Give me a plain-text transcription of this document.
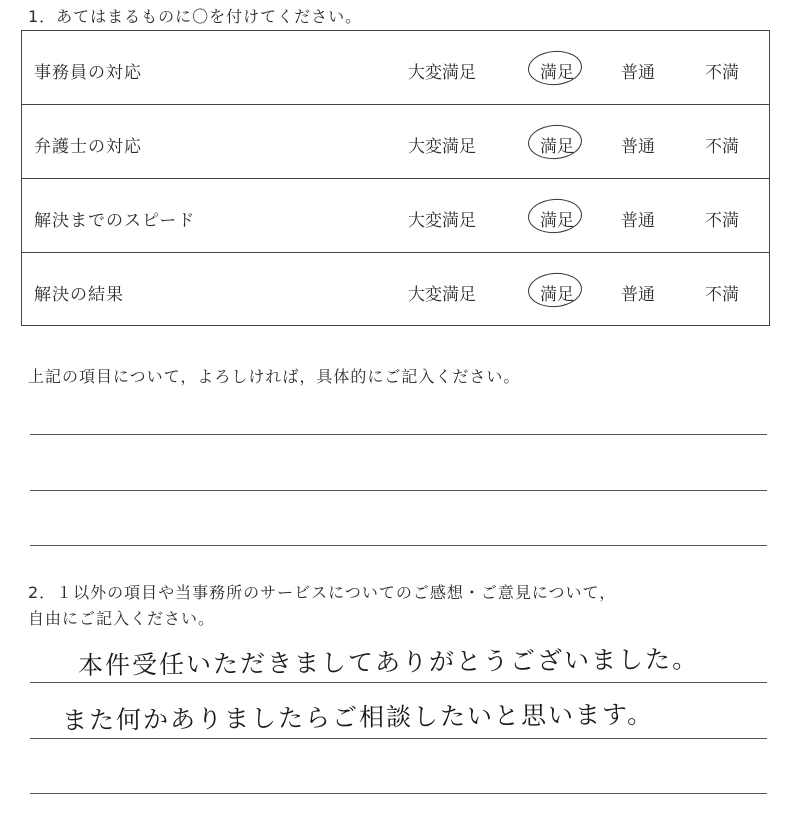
1．あてはまるものに〇を付けてください。
事務員の対応	大変満足	満足	普通	不満
弁護士の対応	大変満足	満足	普通	不満
解決までのスピード	大変満足	満足	普通	不満
解決の結果	大変満足	満足	普通	不満
上記の項目について，よろしければ，具体的にご記入ください。
2．１以外の項目や当事務所のサービスについてのご感想・ご意見について，
自由にご記入ください。
本件受任いただきましてありがとうございました。
また何かありましたらご相談したいと思います。
